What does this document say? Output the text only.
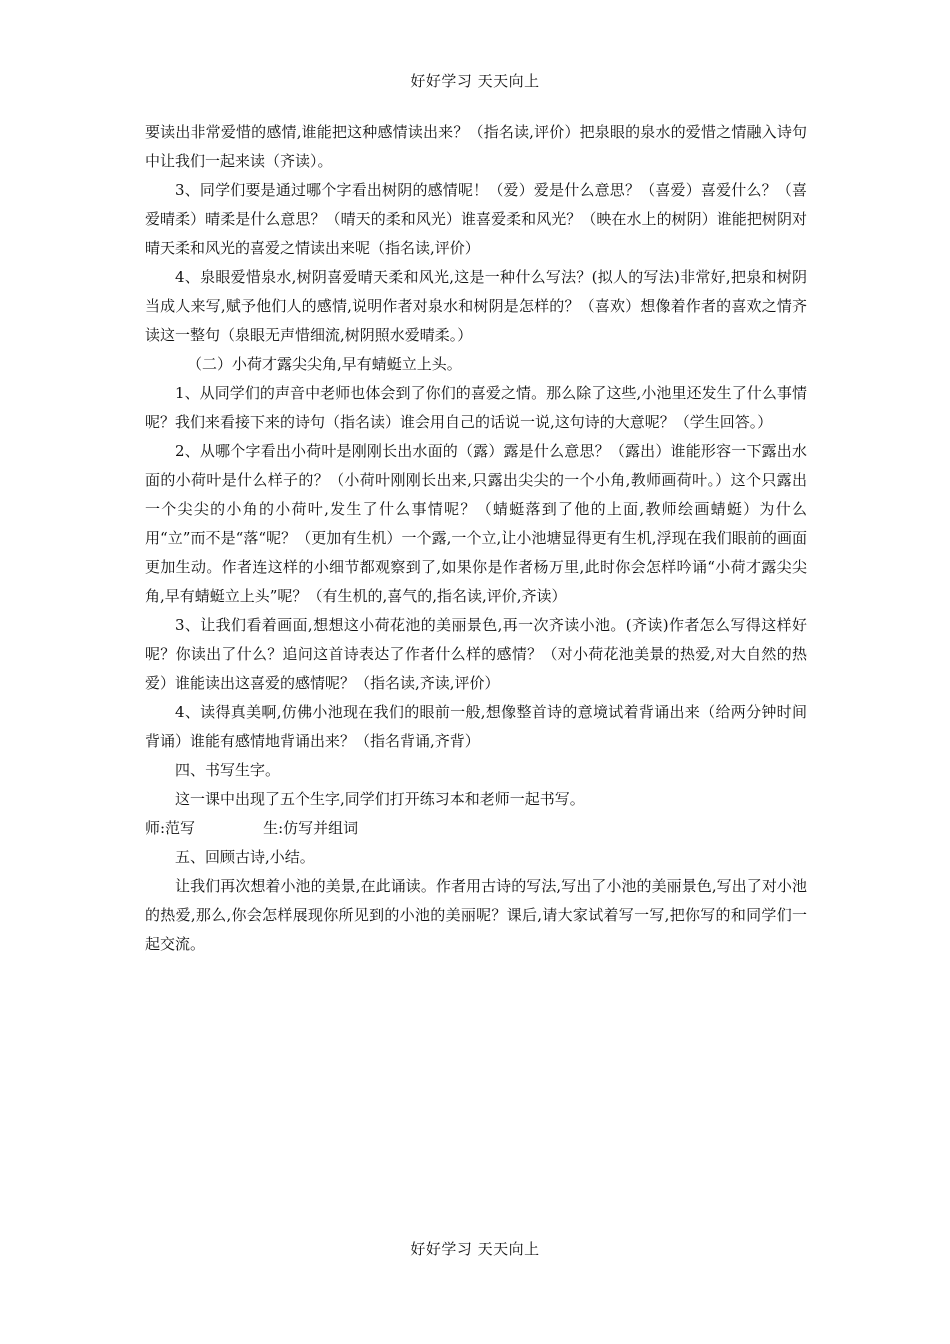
好好学习 天天向上

要读出非常爱惜的感情,谁能把这种感情读出来？（指名读,评价）把泉眼的泉水的爱惜之情融入诗句中让我们一起来读（齐读）。

3、同学们要是通过哪个字看出树阴的感情呢！（爱）爱是什么意思？（喜爱）喜爱什么？（喜爱晴柔）晴柔是什么意思？（晴天的柔和风光）谁喜爱柔和风光？（映在水上的树阴）谁能把树阴对晴天柔和风光的喜爱之情读出来呢（指名读,评价）

4、泉眼爱惜泉水,树阴喜爱晴天柔和风光,这是一种什么写法？(拟人的写法)非常好,把泉和树阴当成人来写,赋予他们人的感情,说明作者对泉水和树阴是怎样的？（喜欢）想像着作者的喜欢之情齐读这一整句（泉眼无声惜细流,树阴照水爱晴柔。）

（二）小荷才露尖尖角,早有蜻蜓立上头。

1、从同学们的声音中老师也体会到了你们的喜爱之情。那么除了这些,小池里还发生了什么事情呢？我们来看接下来的诗句（指名读）谁会用自己的话说一说,这句诗的大意呢？（学生回答。）

2、从哪个字看出小荷叶是刚刚长出水面的（露）露是什么意思？（露出）谁能形容一下露出水面的小荷叶是什么样子的？（小荷叶刚刚长出来,只露出尖尖的一个小角,教师画荷叶。）这个只露出一个尖尖的小角的小荷叶,发生了什么事情呢？（蜻蜓落到了他的上面,教师绘画蜻蜓）为什么用“立”而不是“落“呢？（更加有生机）一个露,一个立,让小池塘显得更有生机,浮现在我们眼前的画面更加生动。作者连这样的小细节都观察到了,如果你是作者杨万里,此时你会怎样吟诵“小荷才露尖尖角,早有蜻蜓立上头”呢？（有生机的,喜气的,指名读,评价,齐读）

3、让我们看着画面,想想这小荷花池的美丽景色,再一次齐读小池。(齐读)作者怎么写得这样好呢？你读出了什么？追问这首诗表达了作者什么样的感情？（对小荷花池美景的热爱,对大自然的热爱）谁能读出这喜爱的感情呢？（指名读,齐读,评价）

4、读得真美啊,仿佛小池现在我们的眼前一般,想像整首诗的意境试着背诵出来（给两分钟时间背诵）谁能有感情地背诵出来？（指名背诵,齐背）

四、书写生字。

这一课中出现了五个生字,同学们打开练习本和老师一起书写。

师:范写	生:仿写并组词

五、回顾古诗,小结。

让我们再次想着小池的美景,在此诵读。作者用古诗的写法,写出了小池的美丽景色,写出了对小池的热爱,那么,你会怎样展现你所见到的小池的美丽呢？课后,请大家试着写一写,把你写的和同学们一起交流。

好好学习 天天向上
